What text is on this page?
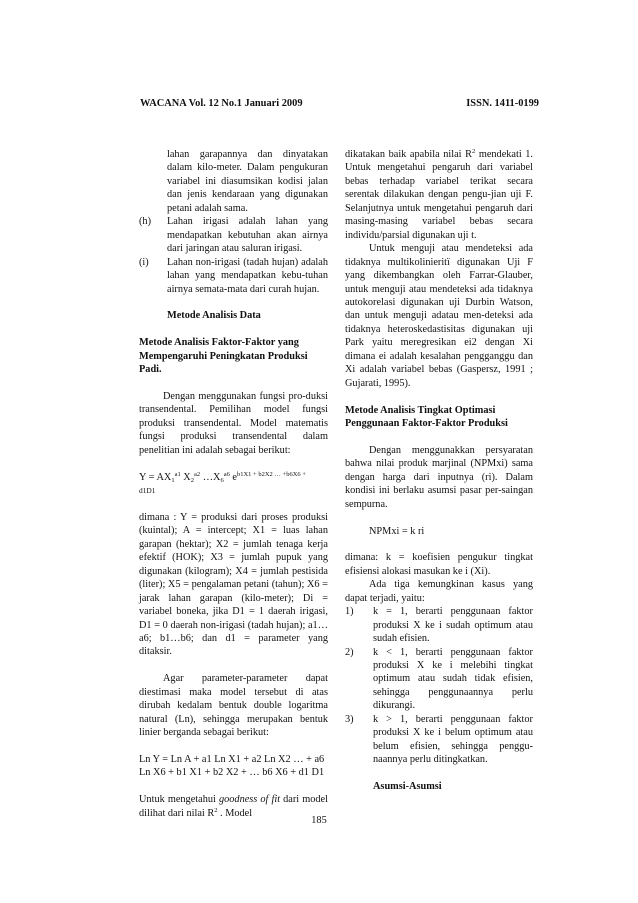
WACANA Vol. 12 No.1 Januari 2009	ISSN. 1411-0199

lahan garapannya dan dinyatakan dalam kilo-meter. Dalam pengukuran variabel ini diasumsikan kodisi jalan dan jenis kendaraan yang digunakan petani adalah sama.

(h)	Lahan irigasi adalah lahan yang mendapatkan kebutuhan akan airnya dari jaringan atau saluran irigasi.
(i)	Lahan non-irigasi (tadah hujan) adalah lahan yang mendapatkan kebu-tuhan airnya semata-mata dari curah hujan.

Metode Analisis Data

Metode Analisis Faktor-Faktor yang Mempengaruhi Peningkatan Produksi Padi.

Dengan menggunakan fungsi pro-duksi transendental. Pemilihan model fungsi produksi transendental. Model matematis fungsi produksi transendental dalam penelitian ini adalah sebagai berikut:

$Y = AX_1^{a1}$ $X_2^{a2}$ $\dots X_6^{a6}$ $e^{b1X1 + b2X2 \dots +b6X6 +}$
d1D1

dimana : Y = produksi dari proses produksi (kuintal); A = intercept; X1 = luas lahan garapan (hektar); X2 = jumlah tenaga kerja efektif (HOK); X3 = jumlah pupuk yang digunakan (kilogram); X4 = jumlah pestisida (liter); X5 = pengalaman petani (tahun); X6 = jarak lahan garapan (kilo-meter); Di = variabel boneka, jika D1 = 1 daerah irigasi, D1 = 0 daerah non-irigasi (tadah hujan); a1…a6; b1…b6; dan d1 = parameter yang ditaksir.

Agar parameter-parameter dapat diestimasi maka model tersebut di atas dirubah kedalam bentuk double logaritma natural (Ln), sehingga merupakan bentuk linier berganda sebagai berikut:

Ln Y = Ln A + a1 Ln X1 + a2 Ln X2 … + a6
Ln X6 + b1 X1 + b2 X2 + … b6 X6 + d1 D1

Untuk mengetahui goodness of fit dari model dilihat dari nilai $R^2$ . Model

dikatakan baik apabila nilai $R^2$ mendekati 1. Untuk mengetahui pengaruh dari variabel bebas terhadap variabel terikat secara serentak dilakukan dengan pengu-jian uji F. Selanjutnya untuk mengetahui pengaruh dari masing-masing variabel bebas secara individu/parsial digunakan uji t.

Untuk menguji atau mendeteksi ada tidaknya multikolinieritï digunakan Uji F yang dikembangkan oleh Farrar-Glauber, untuk menguji atau mendeteksi ada tidaknya autokorelasi digunakan uji Durbin Watson, dan untuk menguji adatau men-deteksi ada tidaknya heteroskedastisitas digunakan uji Park yaitu meregresikan ei2 dengan Xi dimana ei adalah kesalahan pengganggu dan Xi adalah variabel bebas (Gaspersz, 1991 ; Gujarati, 1995).

Metode Analisis Tingkat Optimasi Penggunaan Faktor-Faktor Produksi

Dengan menggunakkan persyaratan bahwa nilai produk marjinal (NPMxi) sama dengan harga dari inputnya (ri). Dalam kondisi ini berlaku asumsi pasar per-saingan sempurna.

NPMxi = k ri

dimana: k = koefisien pengukur tingkat efisiensi alokasi masukan ke i (Xi).

Ada tiga kemungkinan kasus yang dapat terjadi, yaitu:

1)	k = 1, berarti penggunaan faktor produksi X ke i sudah optimum atau sudah efisien.
2)	k < 1, berarti penggunaan faktor produksi X ke i melebihi tingkat optimum atau sudah tidak efisien, sehingga penggunaannya perlu dikurangi.
3)	k > 1, berarti penggunaan faktor produksi X ke i belum optimum atau belum efisien, sehingga penggu-naannya perlu ditingkatkan.

Asumsi-Asumsi

185
